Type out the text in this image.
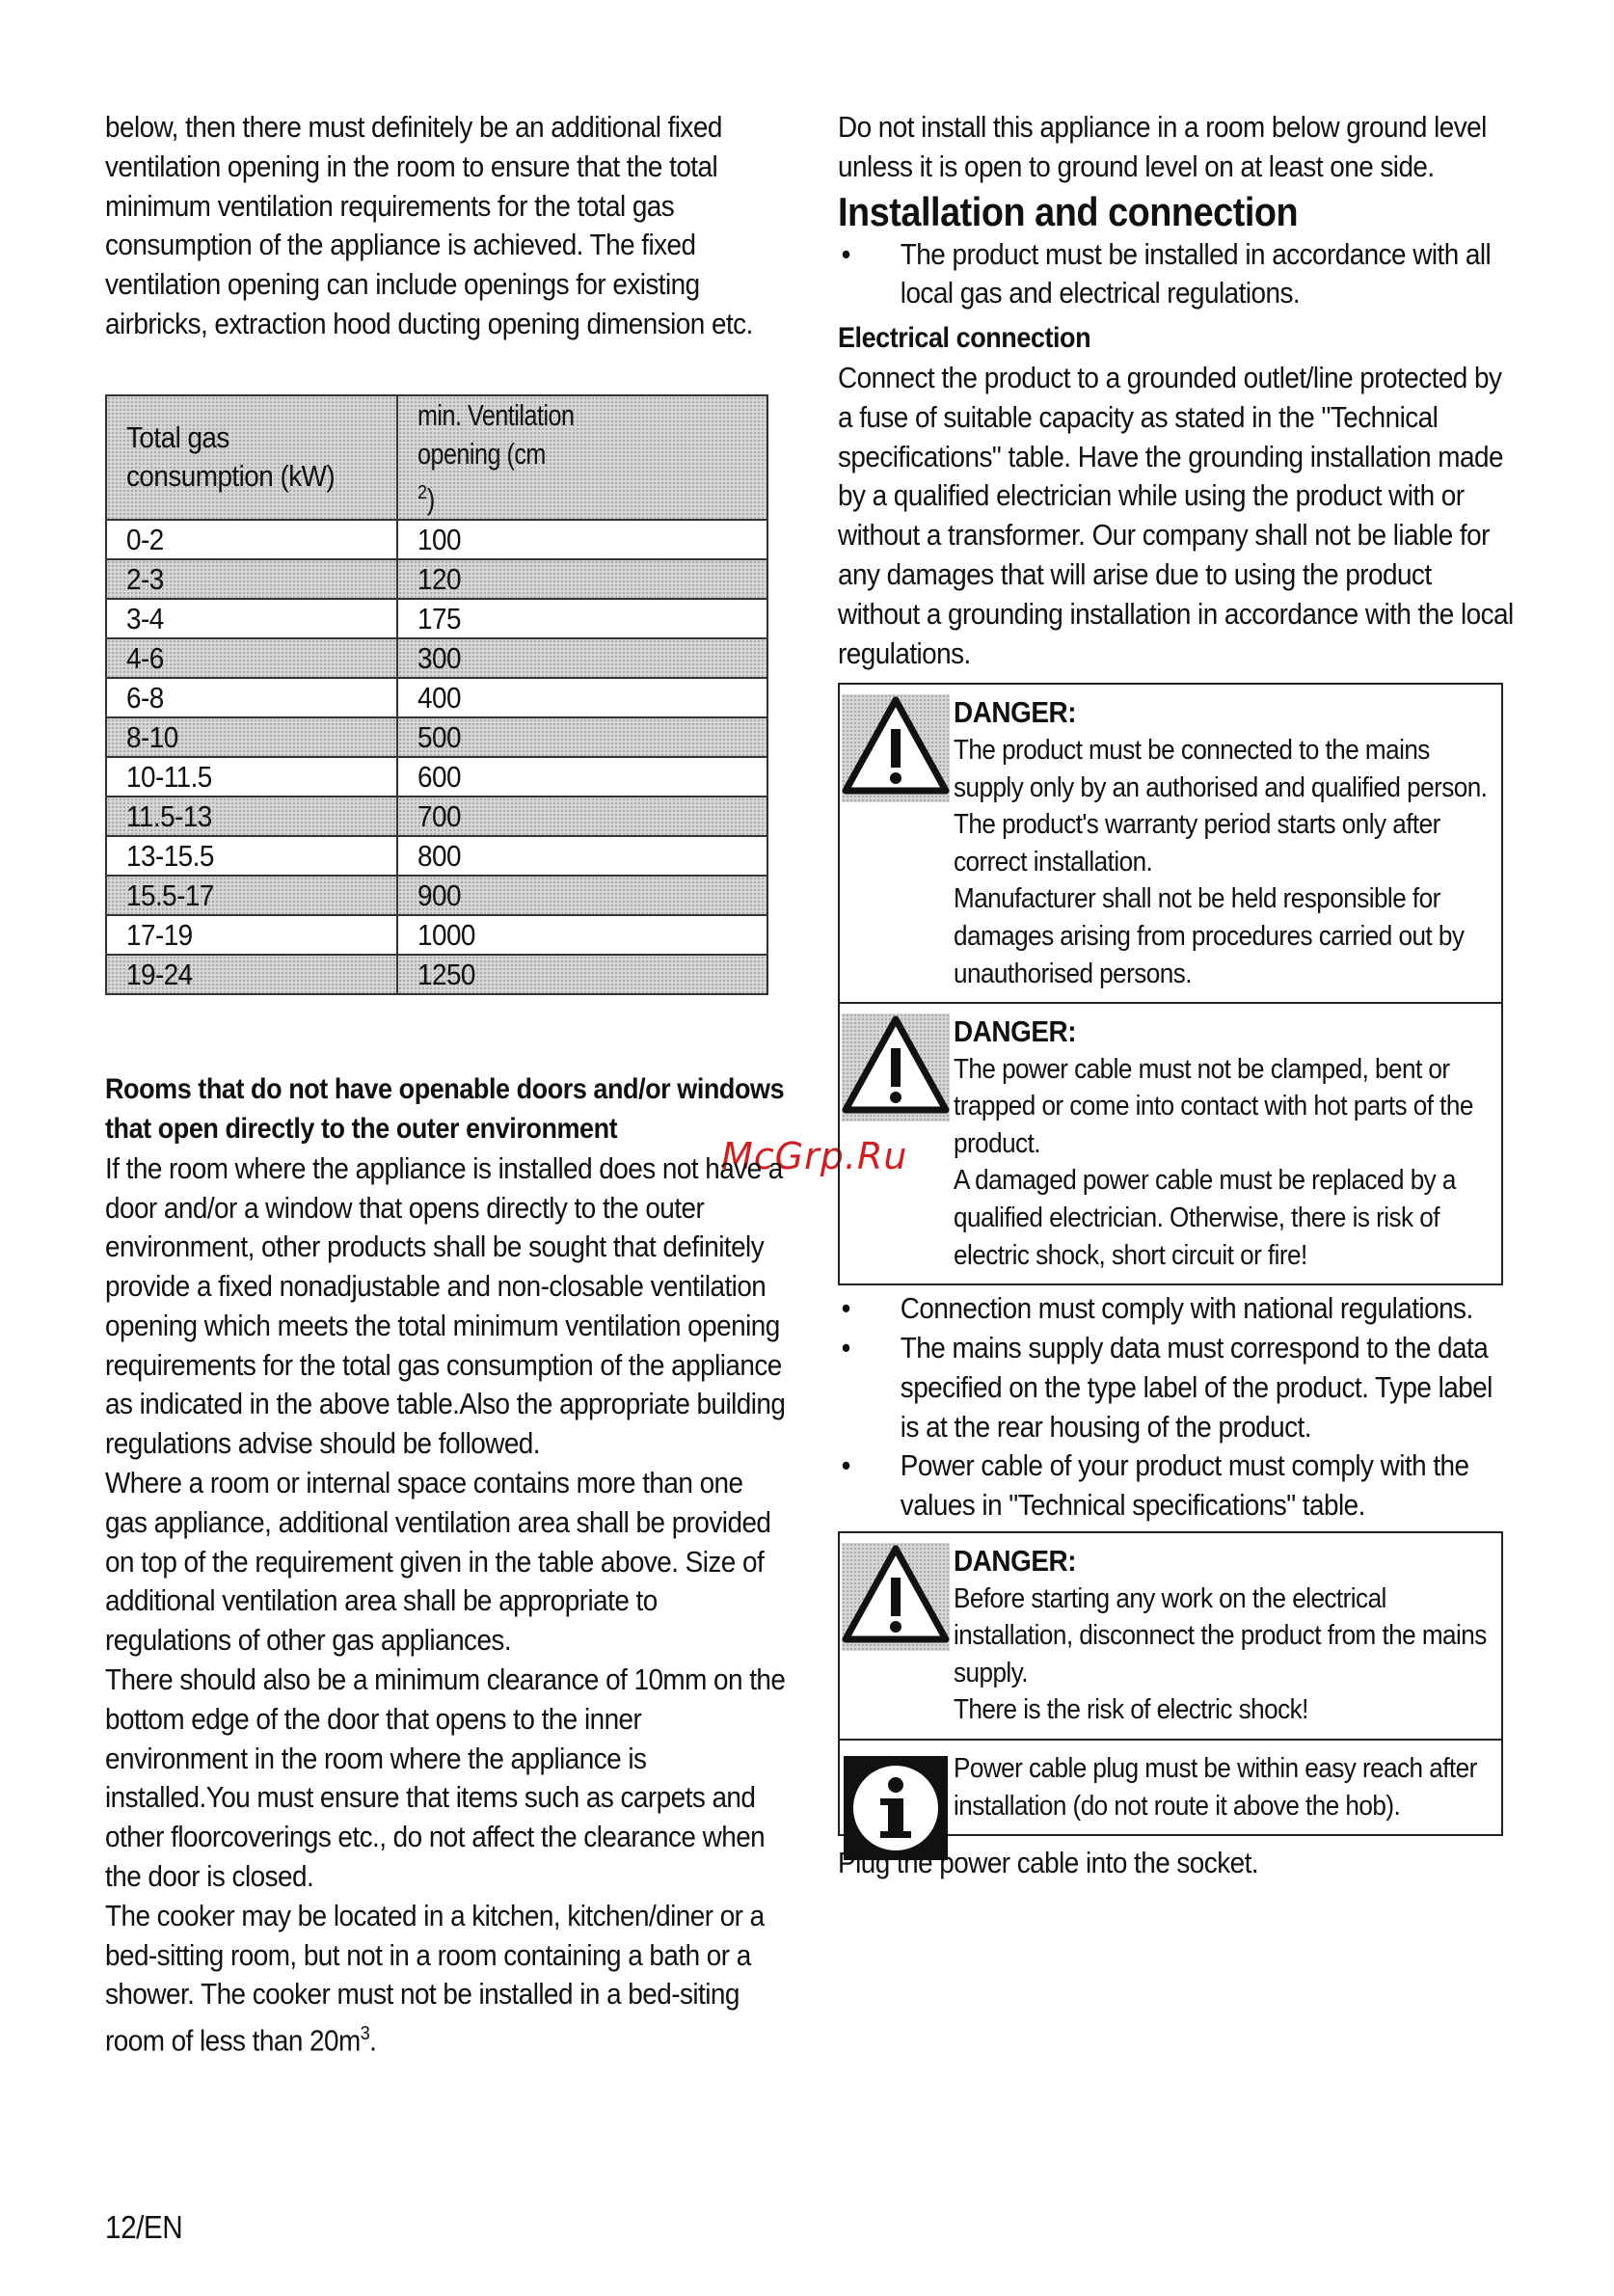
McGrp.Ru

below, then there must definitely be an additional fixed ventilation opening in the room to ensure that the total minimum ventilation requirements for the total gas consumption of the appliance is achieved. The fixed ventilation opening can include openings for existing airbricks, extraction hood ducting opening dimension etc.

Total gas consumption (kW)	min. Ventilation opening $(cm^2)$
0-2	100
2-3	120
3-4	175
4-6	300
6-8	400
8-10	500
10-11.5	600
11.5-13	700
13-15.5	800
15.5-17	900
17-19	1000
19-24	1250

Rooms that do not have openable doors and/or windows that open directly to the outer environment

If the room where the appliance is installed does not have a door and/or a window that opens directly to the outer environment, other products shall be sought that definitely provide a fixed nonadjustable and non-closable ventilation opening which meets the total minimum ventilation opening requirements for the total gas consumption of the appliance as indicated in the above table.Also the appropriate building regulations advise should be followed.

Where a room or internal space contains more than one gas appliance, additional ventilation area shall be provided on top of the requirement given in the table above. Size of additional ventilation area shall be appropriate to regulations of other gas appliances.

There should also be a minimum clearance of 10mm on the bottom edge of the door that opens to the inner environment in the room where the appliance is installed.You must ensure that items such as carpets and other floorcoverings etc., do not affect the clearance when the door is closed.

The cooker may be located in a kitchen, kitchen/diner or a bed-sitting room, but not in a room containing a bath or a shower. The cooker must not be installed in a bed-siting room of less than $20m^3$.

Do not install this appliance in a room below ground level unless it is open to ground level on at least one side.

Installation and connection

• The product must be installed in accordance with all local gas and electrical regulations.

Electrical connection

Connect the product to a grounded outlet/line protected by a fuse of suitable capacity as stated in the "Technical specifications" table. Have the grounding installation made by a qualified electrician while using the product with or without a transformer. Our company shall not be liable for any damages that will arise due to using the product without a grounding installation in accordance with the local regulations.

DANGER:
The product must be connected to the mains supply only by an authorised and qualified person. The product's warranty period starts only after correct installation.
Manufacturer shall not be held responsible for damages arising from procedures carried out by unauthorised persons.
DANGER:
The power cable must not be clamped, bent or trapped or come into contact with hot parts of the product.
A damaged power cable must be replaced by a qualified electrician. Otherwise, there is risk of electric shock, short circuit or fire!
• Connection must comply with national regulations.
• The mains supply data must correspond to the data specified on the type label of the product. Type label is at the rear housing of the product.
• Power cable of your product must comply with the values in "Technical specifications" table.
DANGER:
Before starting any work on the electrical installation, disconnect the product from the mains supply.
There is the risk of electric shock!
Power cable plug must be within easy reach after installation (do not route it above the hob).

Plug the power cable into the socket.

12/EN
